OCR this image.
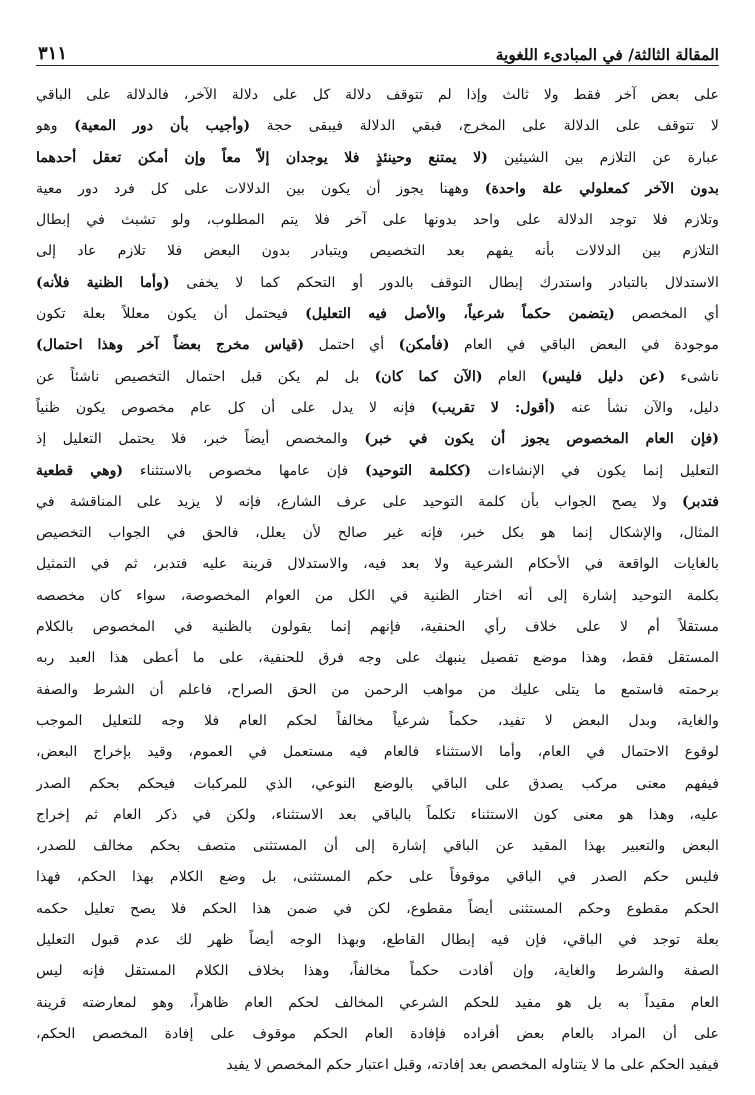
المقالة الثالثة/ في المبادىء اللغوية
٣١١
على بعض آخر فقط ولا ثالث وإذا لم تتوقف دلالة كل على دلالة الآخر، فالدلالة على الباقي
لا تتوقف على الدلالة على المخرج، فبقي الدلالة فيبقى حجة (وأجيب بأن دور المعية) وهو
عبارة عن التلازم بين الشيئين (لا يمتنع وحينئذٍ فلا يوجدان إلاّ معاً وإن أمكن تعقل أحدهما
بدون الآخر كمعلولي علة واحدة) وههنا يجوز أن يكون بين الدلالات على كل فرد دور معية
وتلازم فلا توجد الدلالة على واحد بدونها على آخر فلا يتم المطلوب، ولو تشبث في إبطال
التلازم بين الدلالات بأنه يفهم بعد التخصيص ويتبادر بدون البعض فلا تلازم عاد إلى
الاستدلال بالتبادر واستدرك إبطال التوقف بالدور أو التحكم كما لا يخفى (وأما الظنية فلأنه)
أي المخصص (يتضمن حكماً شرعياً، والأصل فيه التعليل) فيحتمل أن يكون معللاً بعلة تكون
موجودة في البعض الباقي في العام (فأمكن) أي احتمل (قياس مخرج بعضاً آخر وهذا احتمال)
ناشىء (عن دليل فليس) العام (الآن كما كان) بل لم يكن قبل احتمال التخصيص ناشئاً عن
دليل، والآن نشأ عنه (أقول: لا تقريب) فإنه لا يدل على أن كل عام مخصوص يكون ظنياً
(فإن العام المخصوص يجوز أن يكون في خبر) والمخصص أيضاً خبر، فلا يحتمل التعليل إذ
التعليل إنما يكون في الإنشاءات (ككلمة التوحيد) فإن عامها مخصوص بالاستثناء (وهي قطعية
فتدبر) ولا يصح الجواب بأن كلمة التوحيد على عرف الشارع، فإنه لا يزيد على المناقشة في
المثال، والإشكال إنما هو بكل خبر، فإنه غير صالح لأن يعلل، فالحق في الجواب التخصيص
بالغايات الواقعة في الأحكام الشرعية ولا بعد فيه، والاستدلال قرينة عليه فتدبر، ثم في التمثيل
بكلمة التوحيد إشارة إلى أنه اختار الظنية في الكل من العوام المخصوصة، سواء كان مخصصه
مستقلاً أم لا على خلاف رأي الحنفية، فإنهم إنما يقولون بالظنية في المخصوص بالكلام
المستقل فقط، وهذا موضع تفصيل ينبهك على وجه فرق للحنفية، على ما أعطى هذا العبد ربه
برحمته فاستمع ما يتلى عليك من مواهب الرحمن من الحق الصراح، فاعلم أن الشرط والصفة
والغاية، وبدل البعض لا تفيد، حكماً شرعياً مخالفاً لحكم العام فلا وجه للتعليل الموجب
لوقوع الاحتمال في العام، وأما الاستثناء فالعام فيه مستعمل في العموم، وقيد بإخراج البعض،
فيفهم معنى مركب يصدق على الباقي بالوضع النوعي، الذي للمركبات فيحكم بحكم الصدر
عليه، وهذا هو معنى كون الاستثناء تكلماً بالباقي بعد الاستثناء، ولكن في ذكر العام ثم إخراج
البعض والتعبير بهذا المقيد عن الباقي إشارة إلى أن المستثنى متصف بحكم مخالف للصدر،
فليس حكم الصدر في الباقي موقوفاً على حكم المستثنى، بل وضع الكلام بهذا الحكم، فهذا
الحكم مقطوع وحكم المستثنى أيضاً مقطوع، لكن في ضمن هذا الحكم فلا يصح تعليل حكمه
بعلة توجد في الباقي، فإن فيه إبطال القاطع، وبهذا الوجه أيضاً ظهر لك عدم قبول التعليل
الصفة والشرط والغاية، وإن أفادت حكماً مخالفاً، وهذا بخلاف الكلام المستقل فإنه ليس
العام مقيداً به بل هو مفيد للحكم الشرعي المخالف لحكم العام ظاهراً، وهو لمعارضته قرينة
على أن المراد بالعام بعض أفراده فإفادة العام الحكم موقوف على إفادة المخصص الحكم،
فيفيد الحكم على ما لا يتناوله المخصص بعد إفادته، وقبل اعتبار حكم المخصص لا يفيد
